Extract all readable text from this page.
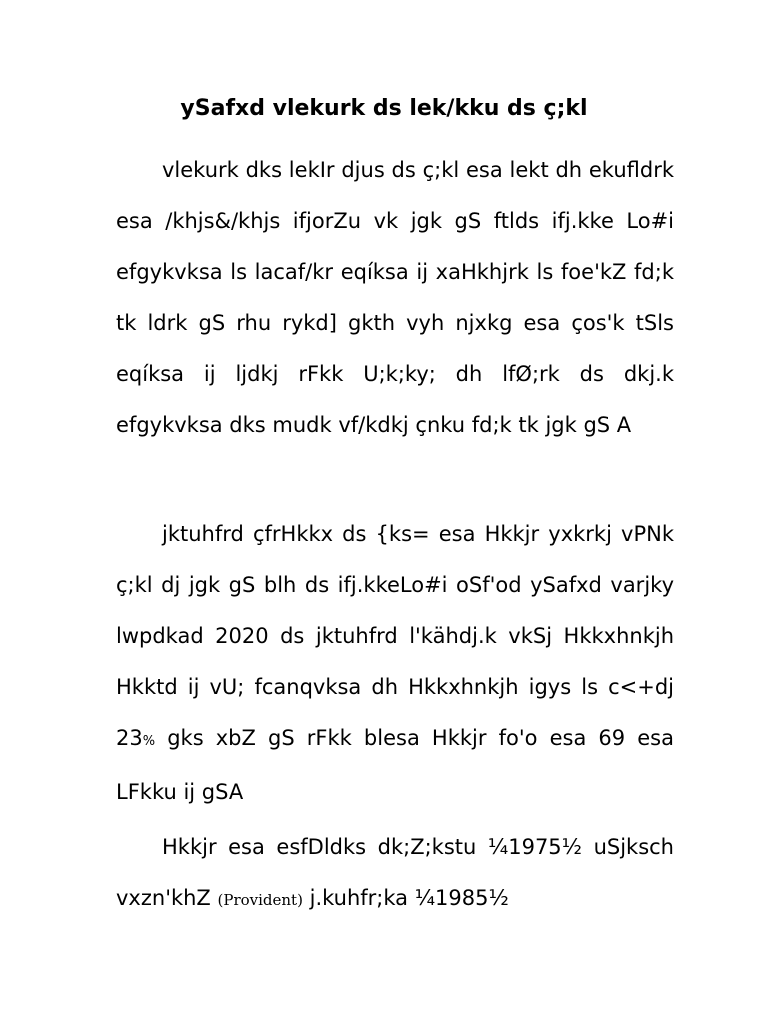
ySafxd vlekurk ds lek/kku ds ç;kl

vlekurk dks lekIr djus ds ç;kl esa lekt dh ekufldrk esa /khjs&/khjs ifjorZu vk jgk gS ftlds ifj.kke Lo#i efgykvksa ls lacaf/kr eqíksa ij xaHkhjrk ls foe'kZ fd;k tk ldrk gS rhu rykd] gkth vyh njxkg esa ços'k tSls eqíksa ij ljdkj rFkk U;k;ky; dh lfØ;rk ds dkj.k efgykvksa dks mudk vf/kdkj çnku fd;k tk jgk gS A

jktuhfrd çfrHkkx ds {ks= esa Hkkjr yxkrkj vPNk ç;kl dj jgk gS blh ds ifj.kkeLo#i oSf'od ySafxd varjky lwpdkad 2020 ds jktuhfrd l'kähdj.k vkSj Hkkxhnkjh Hkktd ij vU; fcanqvksa dh Hkkxhnkjh igys ls c<+dj 23% gks xbZ gS rFkk blesa Hkkjr fo'o esa 69 esa LFkku ij gSA

Hkkjr esa esfDldks dk;Z;kstu ¼1975½ uSjksch vxzn'khZ (Provident) j.kuhfr;ka ¼1985½
